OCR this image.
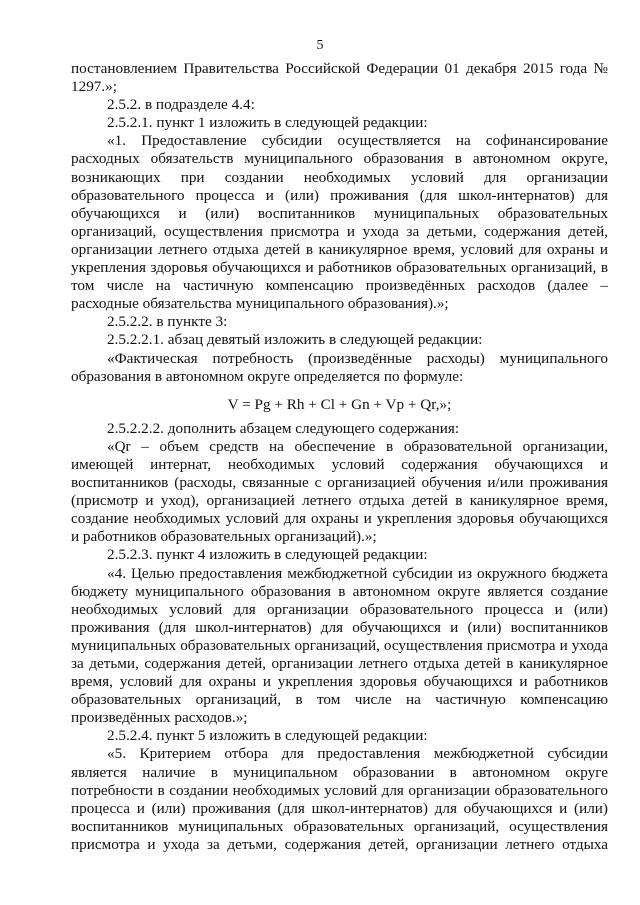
5

постановлением Правительства Российской Федерации 01 декабря 2015 года № 1297.»;

2.5.2. в подразделе 4.4:

2.5.2.1. пункт 1 изложить в следующей редакции:

«1. Предоставление субсидии осуществляется на софинансирование расходных обязательств муниципального образования в автономном округе, возникающих при создании необходимых условий для организации образовательного процесса и (или) проживания (для школ-интернатов) для обучающихся и (или) воспитанников муниципальных образовательных организаций, осуществления присмотра и ухода за детьми, содержания детей, организации летнего отдыха детей в каникулярное время, условий для охраны и укрепления здоровья обучающихся и работников образовательных организаций, в том числе на частичную компенсацию произведённых расходов (далее – расходные обязательства муниципального образования).»;

2.5.2.2. в пункте 3:

2.5.2.2.1. абзац девятый изложить в следующей редакции:

«Фактическая потребность (произведённые расходы) муниципального образования в автономном округе определяется по формуле:

V = Pg + Rh + Cl + Gn + Vp + Qr,»;

2.5.2.2.2. дополнить абзацем следующего содержания:

«Qr – объем средств на обеспечение в образовательной организации, имеющей интернат, необходимых условий содержания обучающихся и воспитанников (расходы, связанные с организацией обучения и/или проживания (присмотр и уход), организацией летнего отдыха детей в каникулярное время, создание необходимых условий для охраны и укрепления здоровья обучающихся и работников образовательных организаций).»;

2.5.2.3. пункт 4 изложить в следующей редакции:

«4. Целью предоставления межбюджетной субсидии из окружного бюджета бюджету муниципального образования в автономном округе является создание необходимых условий для организации образовательного процесса и (или) проживания (для школ-интернатов) для обучающихся и (или) воспитанников муниципальных образовательных организаций, осуществления присмотра и ухода за детьми, содержания детей, организации летнего отдыха детей в каникулярное время, условий для охраны и укрепления здоровья обучающихся и работников образовательных организаций, в том числе на частичную компенсацию произведённых расходов.»;

2.5.2.4. пункт 5 изложить в следующей редакции:

«5. Критерием отбора для предоставления межбюджетной субсидии является наличие в муниципальном образовании в автономном округе потребности в создании необходимых условий для организации образовательного процесса и (или) проживания (для школ-интернатов) для обучающихся и (или) воспитанников муниципальных образовательных организаций, осуществления присмотра и ухода за детьми, содержания детей, организации летнего отдыха
